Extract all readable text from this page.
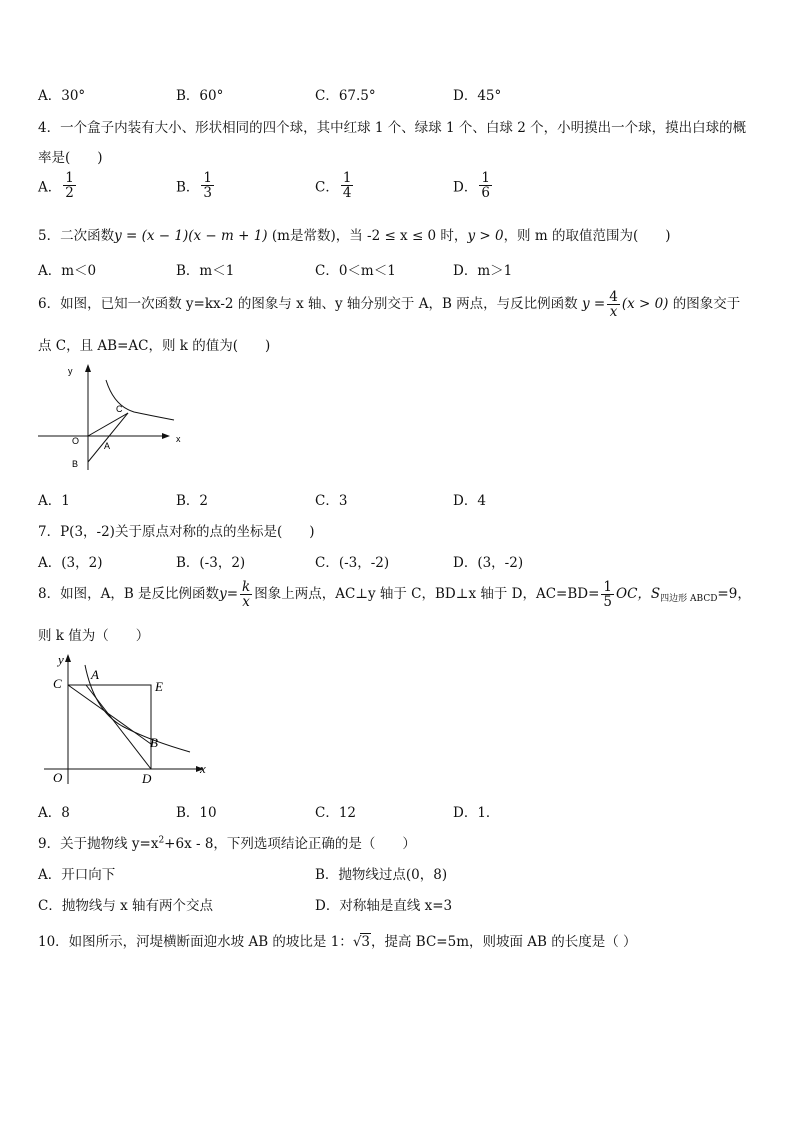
A．30°	B．60°	C．67.5°	D．45°
4．一个盒子内装有大小、形状相同的四个球，其中红球 1 个、绿球 1 个、白球 2 个，小明摸出一个球，摸出白球的概
率是(　　)
A． $\frac{1}{2}$	B． $\frac{1}{3}$	C． $\frac{1}{4}$	D． $\frac{1}{6}$
5．二次函数y = (x − 1)(x − m + 1) (m是常数)，当 -2 ≤ x ≤ 0 时，y > 0，则 m 的取值范围为(　　)
A．m＜0	B．m＜1	C．0＜m＜1	D．m＞1
6．如图，已知一次函数 y=kx-2 的图象与 x 轴、y 轴分别交于 A，B 两点，与反比例函数 $y = \frac{4}{x} (x > 0)$ 的图象交于
点 C，且 AB=AC，则 k 的值为(　　)
y
x
O	A
B
C
A．1	B．2	C．3	D．4
7．P(3，-2)关于原点对称的点的坐标是(　　)
A．(3，2)	B．(-3，2)	C．(-3，-2)	D．(3，-2)
8．如图，A，B 是反比例函数$y= \frac{k}{x}$ 图象上两点，AC⊥y 轴于 C，BD⊥x 轴于 D，$AC=BD= \frac{1}{5}$ OC，$S_{四边形 ABCD}=9$，
则 k 值为（　　）
y
x
O
C
A
E
B
D
A．8	B．10	C．12	D．1．
9．关于抛物线 $y=x^2+6x - 8$，下列选项结论正确的是（　　）
A．开口向下	B．抛物线过点(0，8)
C．抛物线与 x 轴有两个交点	D．对称轴是直线 x=3
10．如图所示，河堤横断面迎水坡 AB 的坡比是 1：√3，提高 BC=5m，则坡面 AB 的长度是（ ）
